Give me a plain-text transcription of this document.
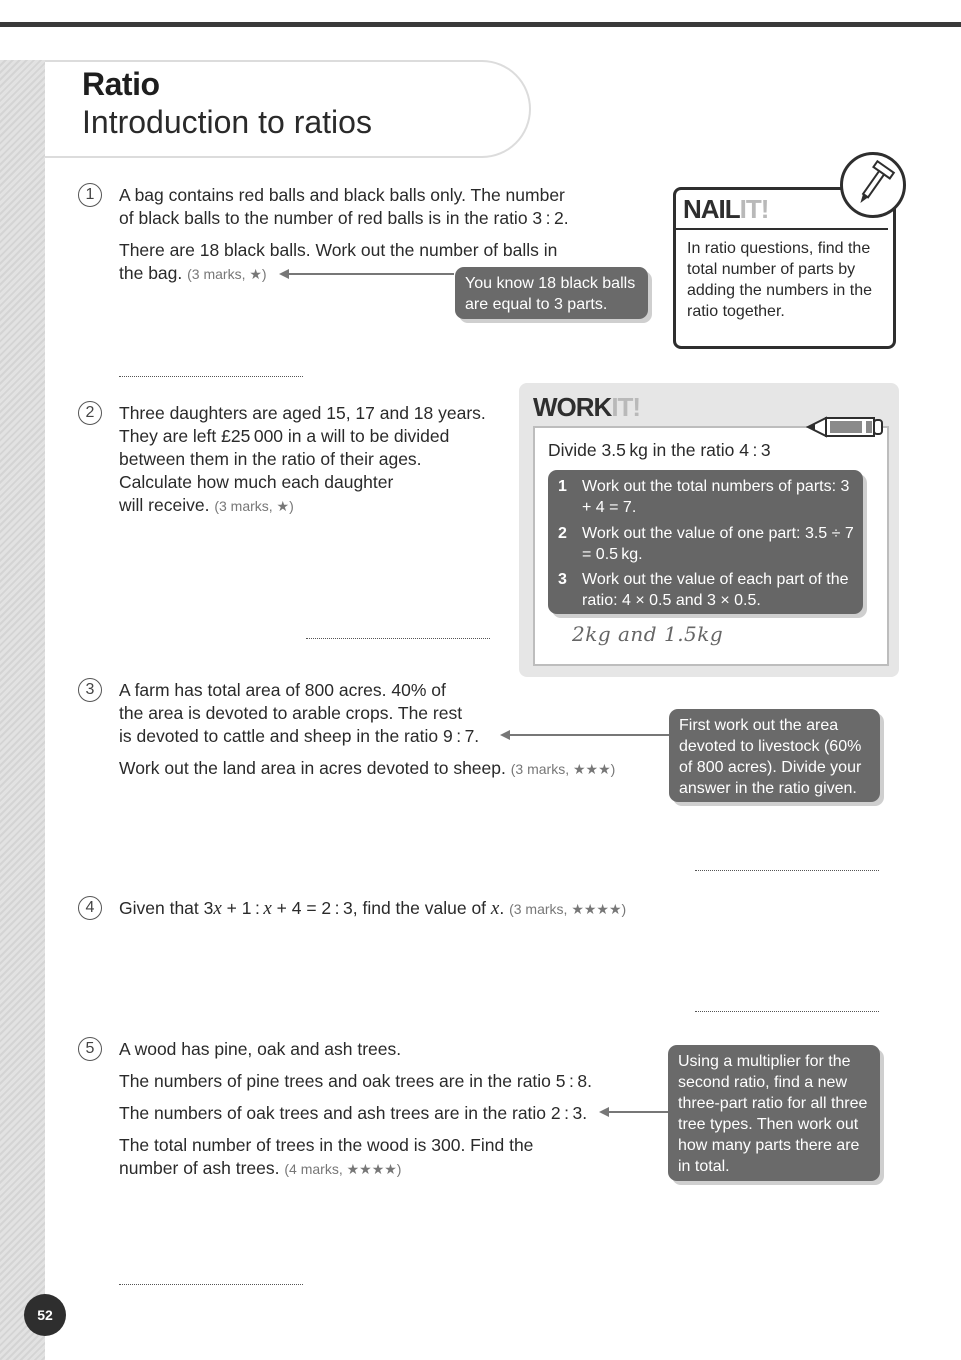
Ratio
Introduction to ratios
1	A bag contains red balls and black balls only. The number
of black balls to the number of red balls is in the ratio 3 : 2.
There are 18 black balls. Work out the number of balls in
the bag. (3 marks, ★)
You know 18 black balls are equal to 3 parts.
NAILIT!
In ratio questions, find the total number of parts by adding the numbers in the ratio together.
2	Three daughters are aged 15, 17 and 18 years.
They are left £25 000 in a will to be divided
between them in the ratio of their ages.
Calculate how much each daughter
will receive. (3 marks, ★)
WORKIT!
Divide 3.5 kg in the ratio 4 : 3
1 Work out the total numbers of parts: 3 + 4 = 7.
2 Work out the value of one part: 3.5 ÷ 7 = 0.5 kg.
3 Work out the value of each part of the ratio: 4 × 0.5 and 3 × 0.5.
2kg and 1.5kg
3	A farm has total area of 800 acres. 40% of
the area is devoted to arable crops. The rest
is devoted to cattle and sheep in the ratio 9 : 7.
Work out the land area in acres devoted to sheep. (3 marks, ★★★)
First work out the area devoted to livestock (60% of 800 acres). Divide your answer in the ratio given.
4	Given that 3x + 1 : x + 4 = 2 : 3, find the value of x. (3 marks, ★★★★)
5	A wood has pine, oak and ash trees.
The numbers of pine trees and oak trees are in the ratio 5 : 8.
The numbers of oak trees and ash trees are in the ratio 2 : 3.
The total number of trees in the wood is 300. Find the
number of ash trees. (4 marks, ★★★★)
Using a multiplier for the second ratio, find a new three-part ratio for all three tree types. Then work out how many parts there are in total.
52
